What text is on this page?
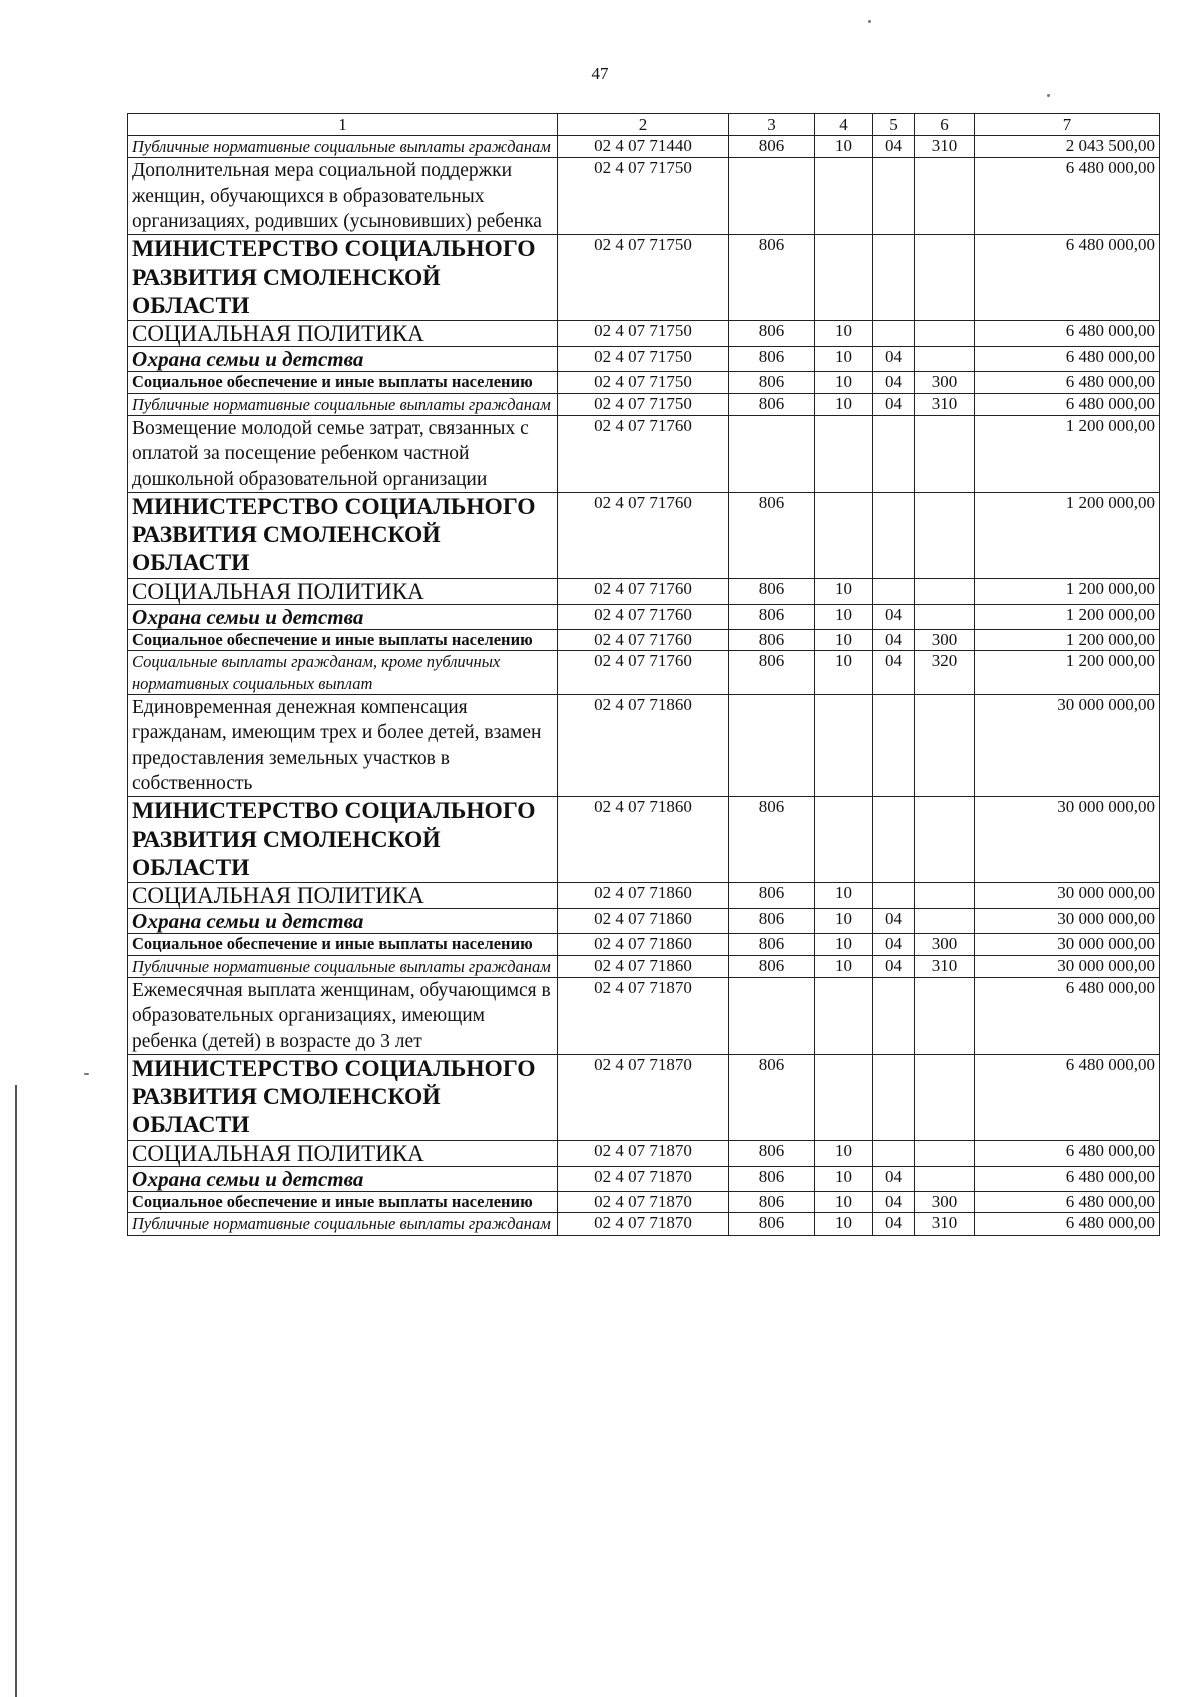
47
1	2	3	4	5	6	7
Публичные нормативные социальные выплаты гражданам	02 4 07 71440	806	10	04	310	2 043 500,00
Дополнительная мера социальной поддержки женщин, обучающихся в образовательных организациях, родивших (усыновивших) ребенка	02 4 07 71750					6 480 000,00
МИНИСТЕРСТВО СОЦИАЛЬНОГО РАЗВИТИЯ СМОЛЕНСКОЙ ОБЛАСТИ	02 4 07 71750	806				6 480 000,00
СОЦИАЛЬНАЯ ПОЛИТИКА	02 4 07 71750	806	10			6 480 000,00
Охрана семьи и детства	02 4 07 71750	806	10	04		6 480 000,00
Социальное обеспечение и иные выплаты населению	02 4 07 71750	806	10	04	300	6 480 000,00
Публичные нормативные социальные выплаты гражданам	02 4 07 71750	806	10	04	310	6 480 000,00
Возмещение молодой семье затрат, связанных с оплатой за посещение ребенком частной дошкольной образовательной организации	02 4 07 71760					1 200 000,00
МИНИСТЕРСТВО СОЦИАЛЬНОГО РАЗВИТИЯ СМОЛЕНСКОЙ ОБЛАСТИ	02 4 07 71760	806				1 200 000,00
СОЦИАЛЬНАЯ ПОЛИТИКА	02 4 07 71760	806	10			1 200 000,00
Охрана семьи и детства	02 4 07 71760	806	10	04		1 200 000,00
Социальное обеспечение и иные выплаты населению	02 4 07 71760	806	10	04	300	1 200 000,00
Социальные выплаты гражданам, кроме публичных нормативных социальных выплат	02 4 07 71760	806	10	04	320	1 200 000,00
Единовременная денежная компенсация гражданам, имеющим трех и более детей, взамен предоставления земельных участков в собственность	02 4 07 71860					30 000 000,00
МИНИСТЕРСТВО СОЦИАЛЬНОГО РАЗВИТИЯ СМОЛЕНСКОЙ ОБЛАСТИ	02 4 07 71860	806				30 000 000,00
СОЦИАЛЬНАЯ ПОЛИТИКА	02 4 07 71860	806	10			30 000 000,00
Охрана семьи и детства	02 4 07 71860	806	10	04		30 000 000,00
Социальное обеспечение и иные выплаты населению	02 4 07 71860	806	10	04	300	30 000 000,00
Публичные нормативные социальные выплаты гражданам	02 4 07 71860	806	10	04	310	30 000 000,00
Ежемесячная выплата женщинам, обучающимся в образовательных организациях, имеющим ребенка (детей) в возрасте до 3 лет	02 4 07 71870					6 480 000,00
МИНИСТЕРСТВО СОЦИАЛЬНОГО РАЗВИТИЯ СМОЛЕНСКОЙ ОБЛАСТИ	02 4 07 71870	806				6 480 000,00
СОЦИАЛЬНАЯ ПОЛИТИКА	02 4 07 71870	806	10			6 480 000,00
Охрана семьи и детства	02 4 07 71870	806	10	04		6 480 000,00
Социальное обеспечение и иные выплаты населению	02 4 07 71870	806	10	04	300	6 480 000,00
Публичные нормативные социальные выплаты гражданам	02 4 07 71870	806	10	04	310	6 480 000,00
